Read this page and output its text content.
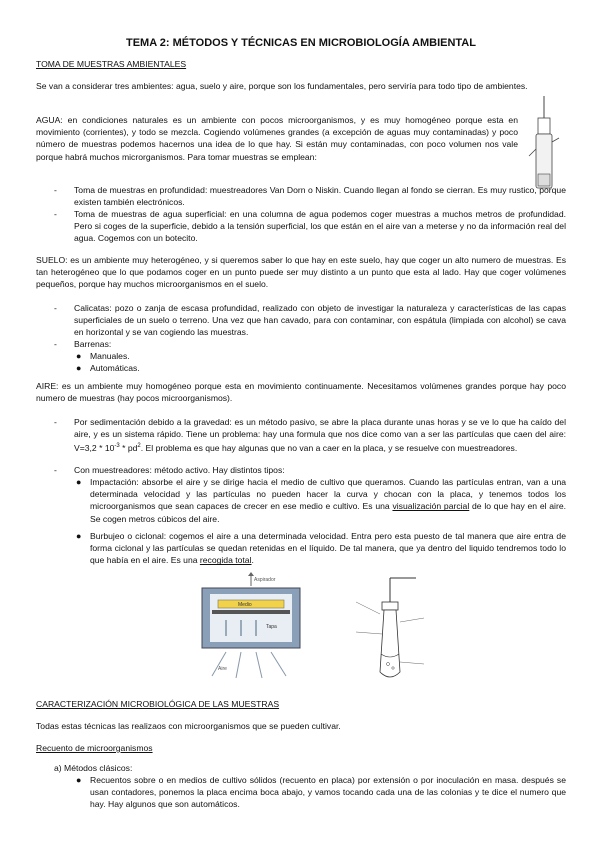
TEMA 2: MÉTODOS Y TÉCNICAS EN MICROBIOLOGÍA AMBIENTAL
TOMA DE MUESTRAS AMBIENTALES

Se van a considerar tres ambientes: agua, suelo y aire, porque son los fundamentales, pero serviría para todo tipo de ambientes.

AGUA: en condiciones naturales es un ambiente con pocos microorganismos, y es muy homogéneo porque esta en movimiento (corrientes), y todo se mezcla. Cogiendo volúmenes grandes (a excepción de aguas muy contaminadas) y poco número de muestras podemos hacernos una idea de lo que hay. Si están muy contaminadas, con poco volumen nos vale porque habrá muchos microrganismos. Para tomar muestras se emplean:

- Toma de muestras en profundidad: muestreadores Van Dorn o Niskin. Cuando llegan al fondo se cierran. Es muy rustico, porque existen también electrónicos.

- Toma de muestras de agua superficial: en una columna de agua podemos coger muestras a muchos metros de profundidad. Pero si coges de la superficie, debido a la tensión superficial, los que están en el aire van a meterse y no da información real del agua. Cogemos con un botecito.

SUELO: es un ambiente muy heterogéneo, y si queremos saber lo que hay en este suelo, hay que coger un alto numero de muestras. Es tan heterogéneo que lo que podamos coger en un punto puede ser muy distinto a un punto que esta al lado. Hay que coger volúmenes pequeños, porque hay muchos microorganismos en el suelo.

- Calicatas: pozo o zanja de escasa profundidad, realizado con objeto de investigar la naturaleza y características de las capas superficiales de un suelo o terreno. Una vez que han cavado, para con contaminar, con espátula (limpiada con alcohol) se cava en horizontal y se van cogiendo las muestras.

- Barrenas:

● Manuales.

● Automáticas.

AIRE: es un ambiente muy homogéneo porque esta en movimiento continuamente. Necesitamos volúmenes grandes porque hay poco numero de muestras (hay pocos microorganismos).

- Por sedimentación debido a la gravedad: es un método pasivo, se abre la placa durante unas horas y se ve lo que ha caído del aire, y es un sistema rápido. Tiene un problema: hay una formula que nos dice como van a ser las partículas que caen del aire: $V=3,2 * 10^{-3} * pd^2$. El problema es que hay algunas que no van a caer en la placa, y se resuelve con muestreadores.

- Con muestreadores: método activo. Hay distintos tipos:

● Impactación: absorbe el aire y se dirige hacia el medio de cultivo que queramos. Cuando las partículas entran, van a una determinada velocidad y las partículas no pueden hacer la curva y chocan con la placa, y tenemos todos los microorganismos que sean capaces de crecer en ese medio e cultivo. Es una visualización parcial de lo que hay en el aire. Se cogen metros cúbicos del aire.

● Burbujeo o ciclonal: cogemos el aire a una determinada velocidad. Entra pero esta puesto de tal manera que aire entra de forma ciclonal y las partículas se quedan retenidas en el líquido. De tal manera, que ya dentro del liquido tendremos todo lo que había en el aire. Es una recogida total.

Aspirador
Medio
Tapa
Aire
CARACTERIZACIÓN MICROBIOLÓGICA DE LAS MUESTRAS

Todas estas técnicas las realizaos con microorganismos que se pueden cultivar.

Recuento de microorganismos

a) Métodos clásicos:

● Recuentos sobre o en medios de cultivo sólidos (recuento en placa) por extensión o por inoculación en masa. después se usan contadores, ponemos la placa encima boca abajo, y vamos tocando cada una de las colonias y te dice el numero que hay. Hay algunos que son automáticos.
